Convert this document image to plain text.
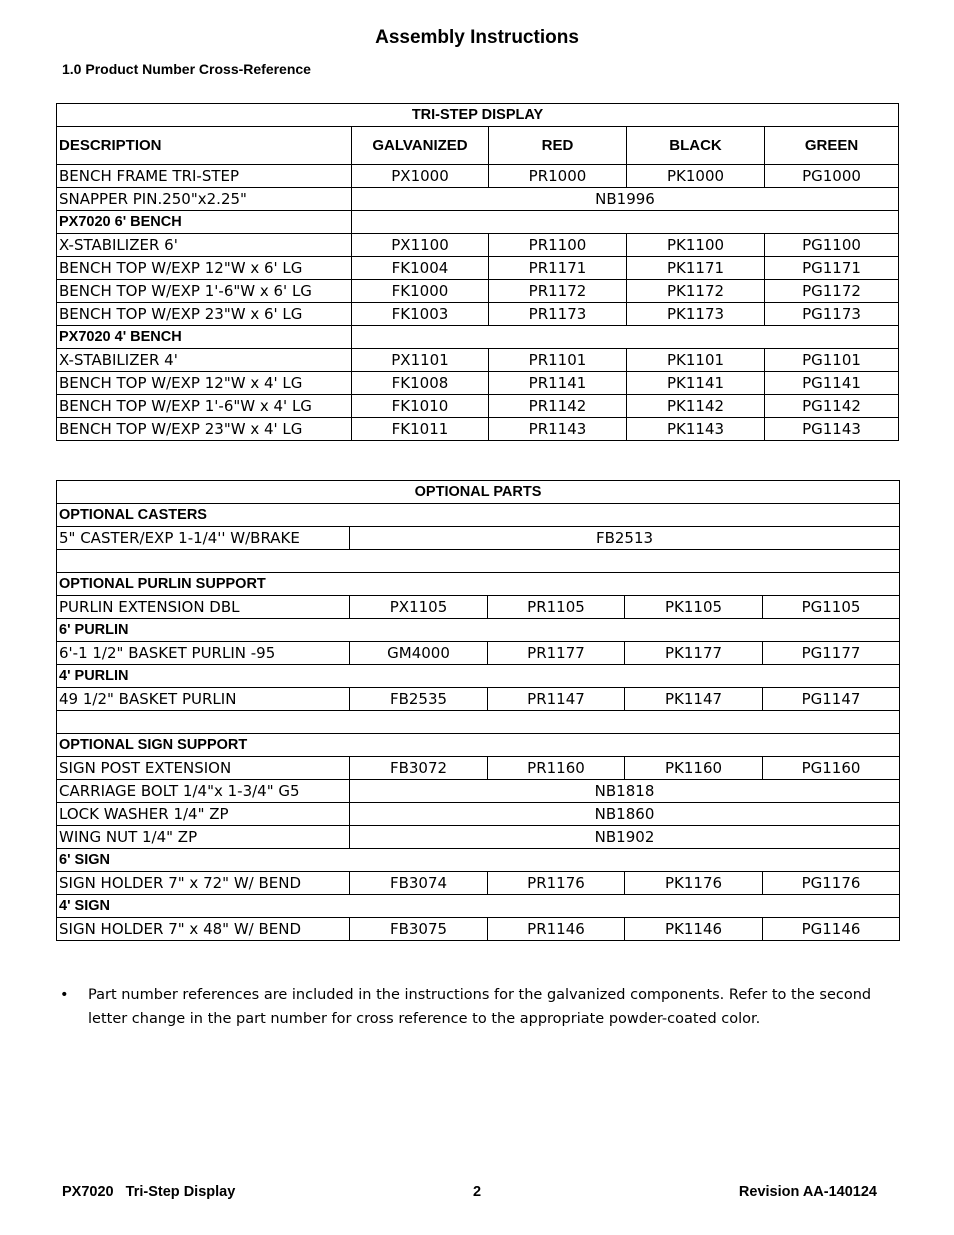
Assembly Instructions
1.0 Product Number Cross-Reference
TRI-STEP DISPLAY				
DESCRIPTION	GALVANIZED	RED	BLACK	GREEN
BENCH FRAME TRI-STEP	PX1000	PR1000	PK1000	PG1000
SNAPPER PIN.250"x2.25"	NB1996			
PX7020 6' BENCH				
X-STABILIZER 6'	PX1100	PR1100	PK1100	PG1100
BENCH TOP W/EXP 12"W x 6' LG	FK1004	PR1171	PK1171	PG1171
BENCH TOP W/EXP 1'-6"W x 6' LG	FK1000	PR1172	PK1172	PG1172
BENCH TOP W/EXP 23"W x 6' LG	FK1003	PR1173	PK1173	PG1173
PX7020 4' BENCH				
X-STABILIZER 4'	PX1101	PR1101	PK1101	PG1101
BENCH TOP W/EXP 12"W x 4' LG	FK1008	PR1141	PK1141	PG1141
BENCH TOP W/EXP 1'-6"W x 4' LG	FK1010	PR1142	PK1142	PG1142
BENCH TOP W/EXP 23"W x 4' LG	FK1011	PR1143	PK1143	PG1143
OPTIONAL PARTS				
OPTIONAL CASTERS				
5" CASTER/EXP 1-1/4'' W/BRAKE	FB2513			

OPTIONAL PURLIN SUPPORT				
PURLIN EXTENSION DBL	PX1105	PR1105	PK1105	PG1105
6' PURLIN				
6'-1 1/2" BASKET PURLIN -95	GM4000	PR1177	PK1177	PG1177
4' PURLIN				
49 1/2" BASKET PURLIN	FB2535	PR1147	PK1147	PG1147

OPTIONAL SIGN SUPPORT				
SIGN POST EXTENSION	FB3072	PR1160	PK1160	PG1160
CARRIAGE BOLT 1/4"x 1-3/4" G5	NB1818			
LOCK WASHER 1/4" ZP	NB1860			
WING NUT 1/4" ZP	NB1902			
6' SIGN				
SIGN HOLDER 7" x 72" W/ BEND	FB3074	PR1176	PK1176	PG1176
4' SIGN				
SIGN HOLDER 7" x 48" W/ BEND	FB3075	PR1146	PK1146	PG1146
• Part number references are included in the instructions for the galvanized components. Refer to the second letter change in the part number for cross reference to the appropriate powder-coated color.
PX7020   Tri-Step Display	2	Revision AA-140124
